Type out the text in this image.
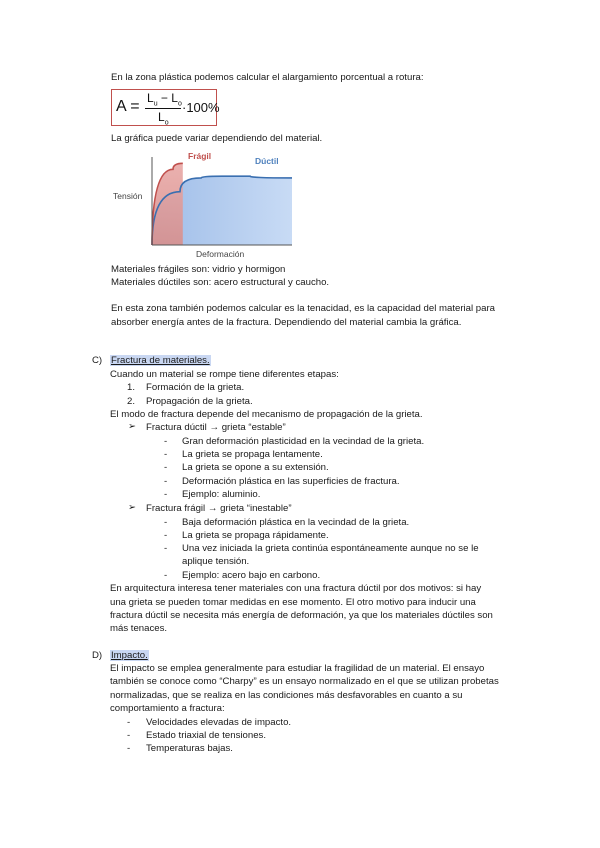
En la zona plástica podemos calcular el alargamiento porcentual a rotura:
$A = L_u - L_o$
$L_o$
·100%
La gráfica puede variar dependiendo del material.
Frágil	Dúctil
Tensión
Deformación
Materiales frágiles son: vidrio y hormigon
Materiales dúctiles son: acero estructural y caucho.
En esta zona también podemos calcular es la tenacidad, es la capacidad del material para
absorber energía antes de la fractura. Dependiendo del material cambia la gráfica.
C) Fractura de materiales.
Cuando un material se rompe tiene diferentes etapas:
1. Formación de la grieta.
2. Propagación de la grieta.
El modo de fractura depende del mecanismo de propagación de la grieta.
➢ Fractura dúctil → grieta “estable”
- Gran deformación plasticidad en la vecindad de la grieta.
- La grieta se propaga lentamente.
- La grieta se opone a su extensión.
- Deformación plástica en las superficies de fractura.
- Ejemplo: aluminio.
➢ Fractura frágil → grieta “inestable”
- Baja deformación plástica en la vecindad de la grieta.
- La grieta se propaga rápidamente.
- Una vez iniciada la grieta continúa espontáneamente aunque no se le
aplique tensión.
- Ejemplo: acero bajo en carbono.
En arquitectura interesa tener materiales con una fractura dúctil por dos motivos: si hay
una grieta se pueden tomar medidas en ese momento. El otro motivo para inducir una
fractura dúctil se necesita más energía de deformación, ya que los materiales dúctiles son
más tenaces.
D) Impacto.
El impacto se emplea generalmente para estudiar la fragilidad de un material. El ensayo
también se conoce como “Charpy” es un ensayo normalizado en el que se utilizan probetas
normalizadas, que se realiza en las condiciones más desfavorables en cuanto a su
comportamiento a fractura:
- Velocidades elevadas de impacto.
- Estado triaxial de tensiones.
- Temperaturas bajas.
